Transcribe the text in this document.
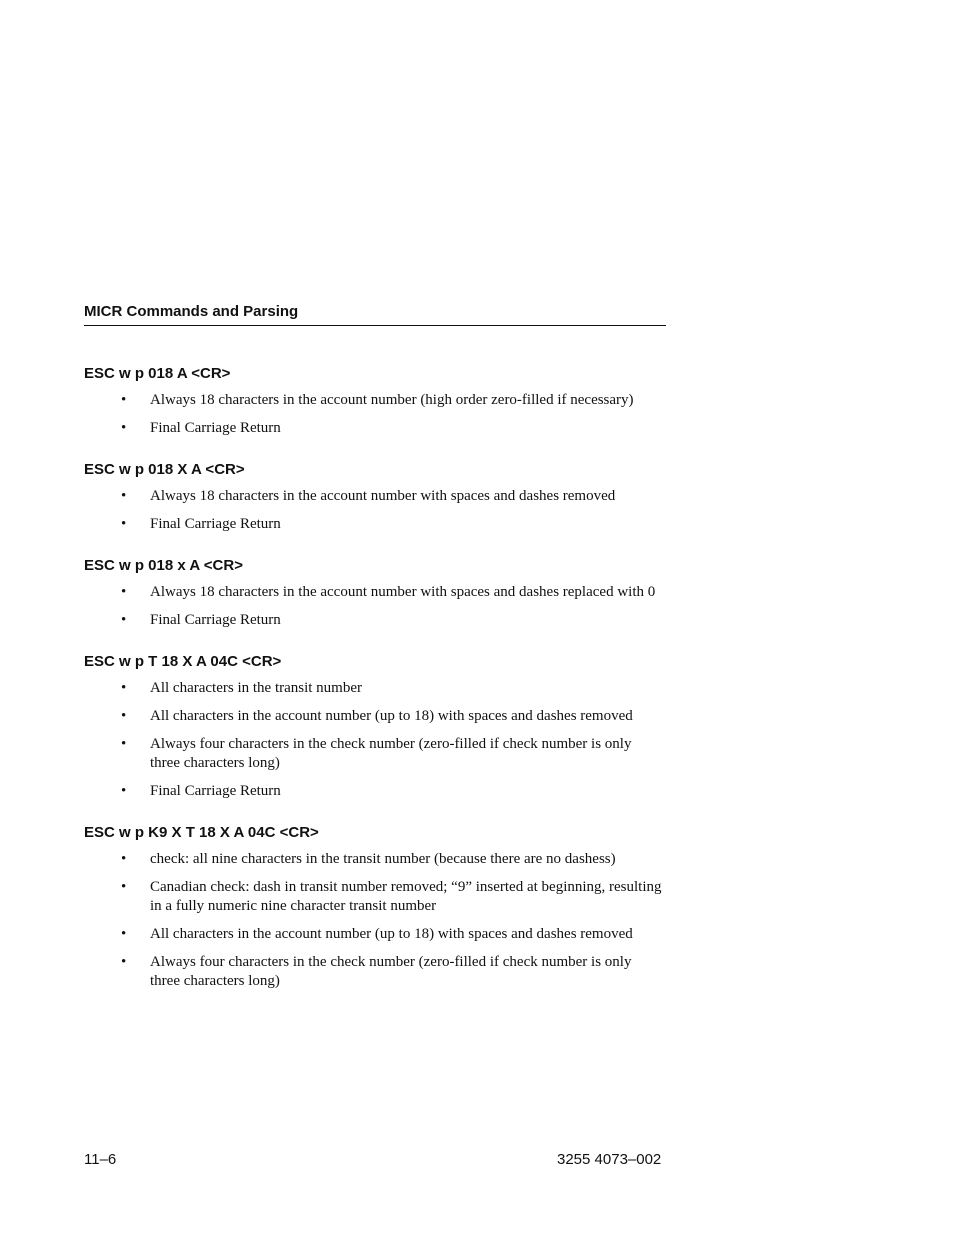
MICR Commands and Parsing
ESC w p 018 A <CR>
• Always 18 characters in the account number (high order zero-filled if necessary)
• Final Carriage Return
ESC w p 018 X A <CR>
• Always 18 characters in the account number with spaces and dashes removed
• Final Carriage Return
ESC w p 018 x A <CR>
• Always 18 characters in the account number with spaces and dashes replaced with 0
• Final Carriage Return
ESC w p T 18 X A 04C <CR>
• All characters in the transit number
• All characters in the account number (up to 18) with spaces and dashes removed
• Always four characters in the check number (zero-filled if check number is only three characters long)
• Final Carriage Return
ESC w p K9 X T 18 X A 04C <CR>
• check: all nine characters in the transit number (because there are no dashess)
• Canadian check: dash in transit number removed; “9” inserted at beginning, resulting in a fully numeric nine character transit number
• All characters in the account number (up to 18) with spaces and dashes removed
• Always four characters in the check number (zero-filled if check number is only three characters long)
11–6	3255 4073–002
